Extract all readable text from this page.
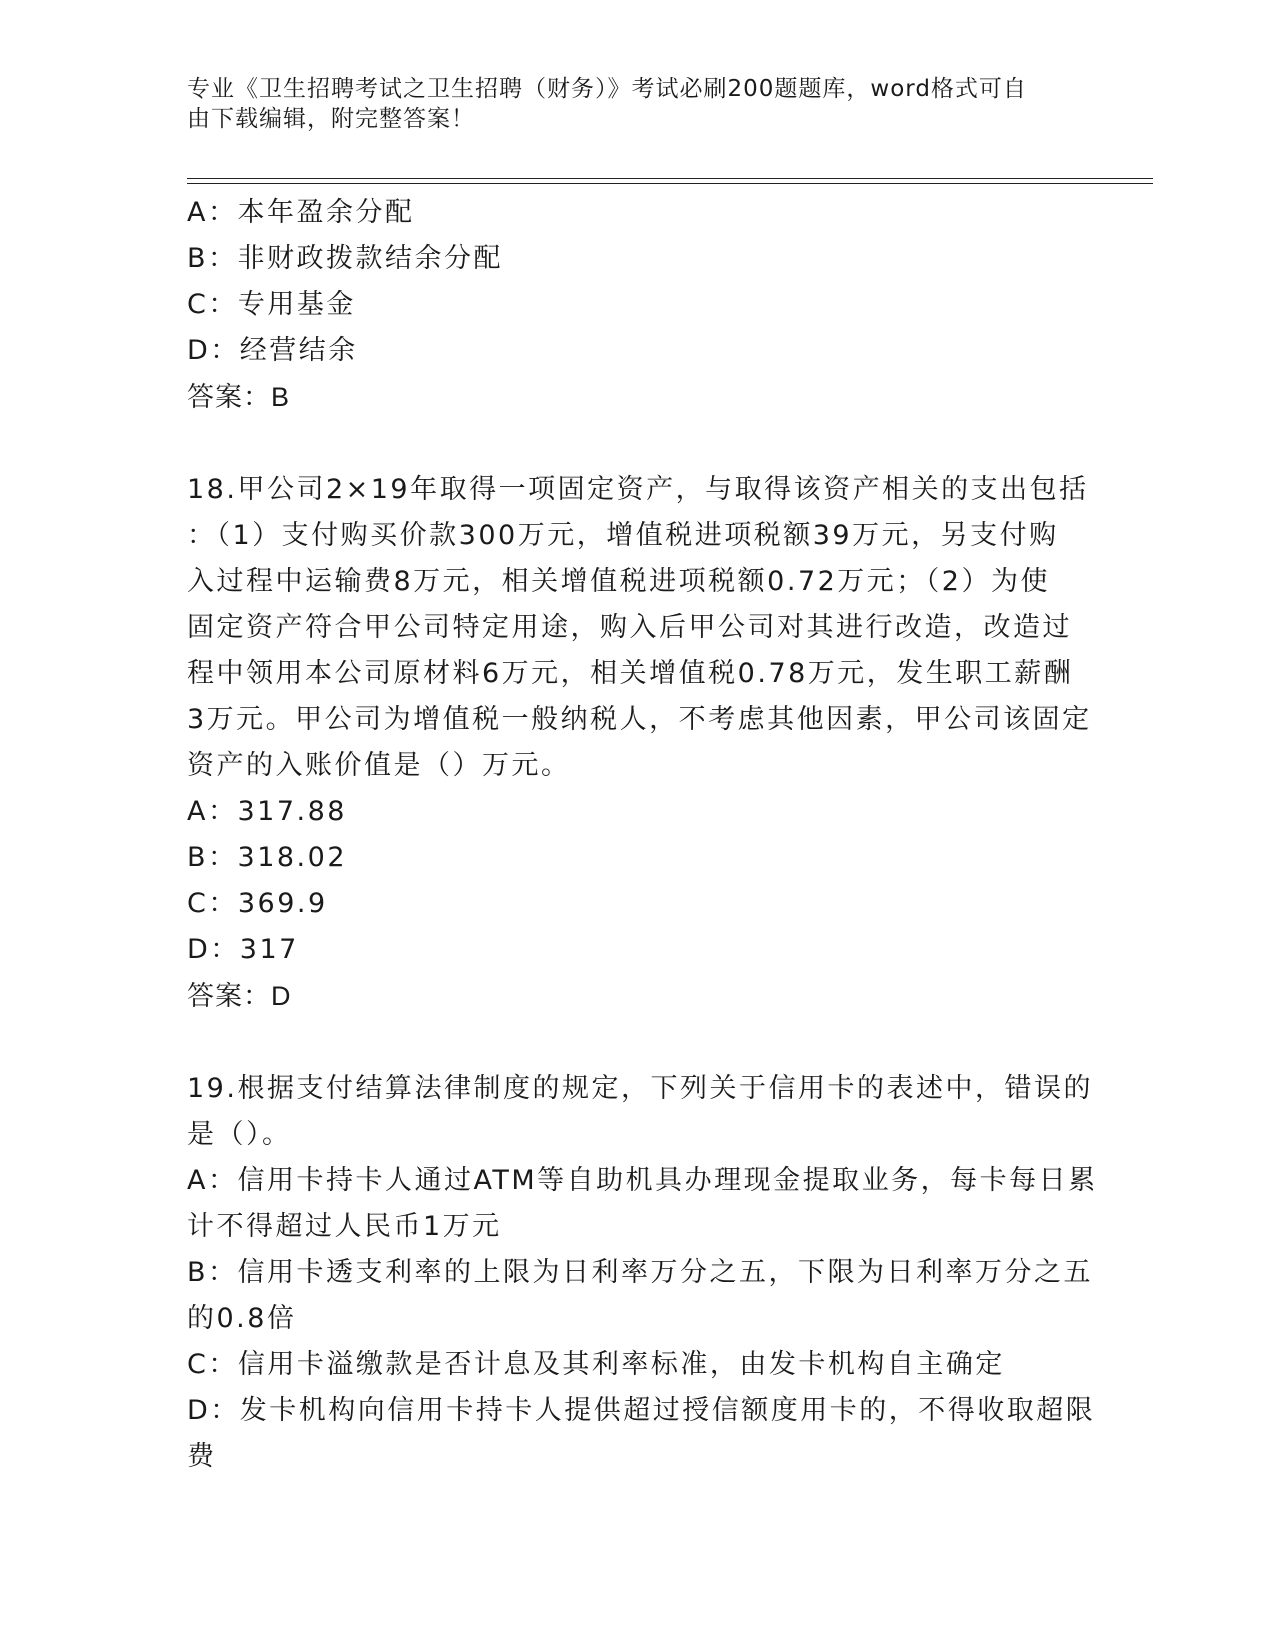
专业《卫生招聘考试之卫生招聘（财务）》考试必刷200题题库，word格式可自
由下载编辑，附完整答案！
A：本年盈余分配
B：非财政拨款结余分配
C：专用基金
D：经营结余
答案：B
18.甲公司2×19年取得一项固定资产，与取得该资产相关的支出包括
：（1）支付购买价款300万元，增值税进项税额39万元，另支付购
入过程中运输费8万元，相关增值税进项税额0.72万元；（2）为使
固定资产符合甲公司特定用途，购入后甲公司对其进行改造，改造过
程中领用本公司原材料6万元，相关增值税0.78万元，发生职工薪酬
3万元。甲公司为增值税一般纳税人，不考虑其他因素，甲公司该固定
资产的入账价值是（）万元。
A：317.88
B：318.02
C：369.9
D：317
答案：D
19.根据支付结算法律制度的规定，下列关于信用卡的表述中，错误的
是（）。
A：信用卡持卡人通过ATM等自助机具办理现金提取业务，每卡每日累
计不得超过人民币1万元
B：信用卡透支利率的上限为日利率万分之五，下限为日利率万分之五
的0.8倍
C：信用卡溢缴款是否计息及其利率标准，由发卡机构自主确定
D：发卡机构向信用卡持卡人提供超过授信额度用卡的，不得收取超限
费
